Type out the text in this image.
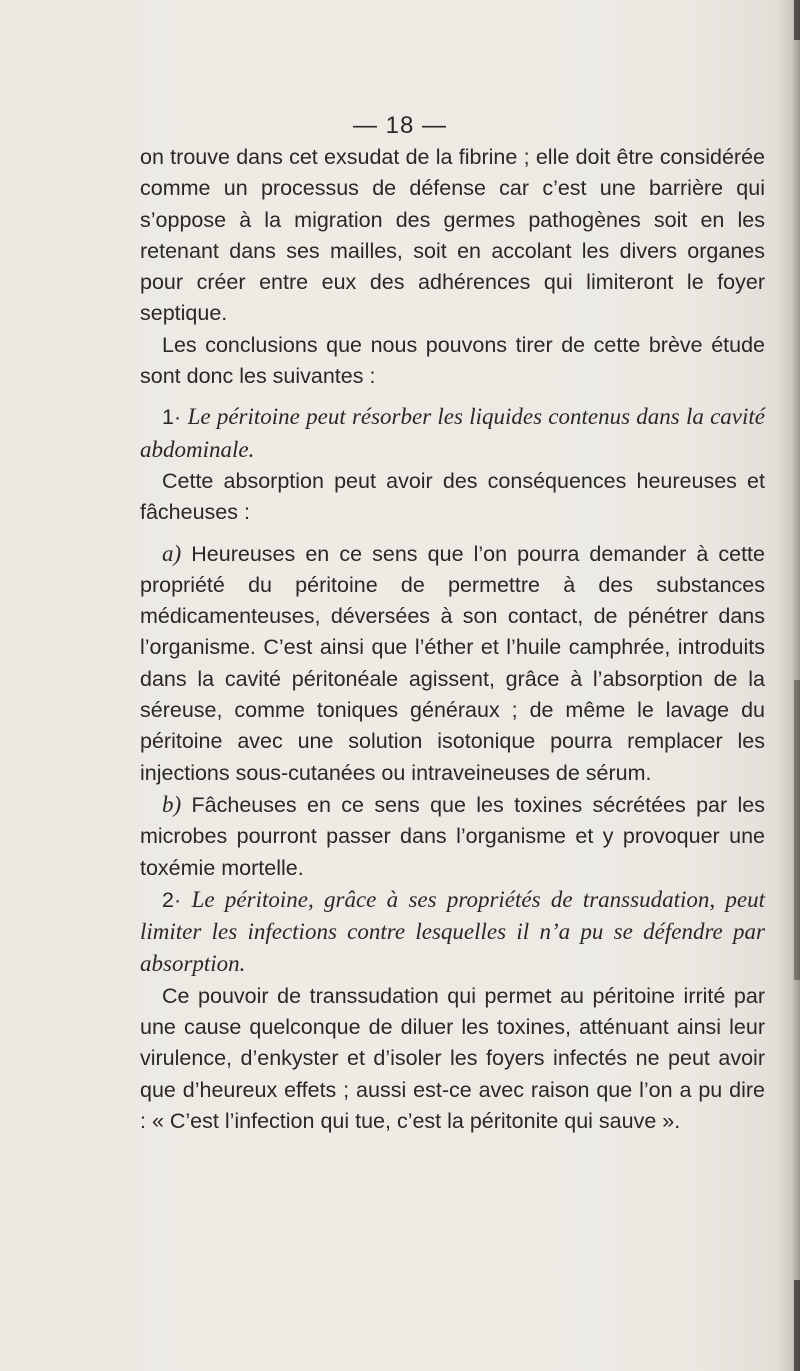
— 18 —

on trouve dans cet exsudat de la fibrine ; elle doit être considérée comme un processus de défense car c’est une barrière qui s’oppose à la migration des germes pathogènes soit en les retenant dans ses mailles, soit en accolant les divers organes pour créer entre eux des adhérences qui limiteront le foyer septique.

Les conclusions que nous pouvons tirer de cette brève étude sont donc les suivantes :

1· Le péritoine peut résorber les liquides contenus dans la cavité abdominale.

Cette absorption peut avoir des conséquences heureuses et fâcheuses :

a) Heureuses en ce sens que l’on pourra demander à cette propriété du péritoine de permettre à des substances médicamenteuses, déversées à son contact, de pénétrer dans l’organisme. C’est ainsi que l’éther et l’huile camphrée, introduits dans la cavité péritonéale agissent, grâce à l’absorption de la séreuse, comme toniques généraux ; de même le lavage du péritoine avec une solution isotonique pourra remplacer les injections sous-cutanées ou intraveineuses de sérum.

b) Fâcheuses en ce sens que les toxines sécrétées par les microbes pourront passer dans l’organisme et y provoquer une toxémie mortelle.

2· Le péritoine, grâce à ses propriétés de transsudation, peut limiter les infections contre lesquelles il n’a pu se défendre par absorption.

Ce pouvoir de transsudation qui permet au péritoine irrité par une cause quelconque de diluer les toxines, atténuant ainsi leur virulence, d’enkyster et d’isoler les foyers infectés ne peut avoir que d’heureux effets ; aussi est-ce avec raison que l’on a pu dire : « C’est l’infection qui tue, c’est la péritonite qui sauve ».
